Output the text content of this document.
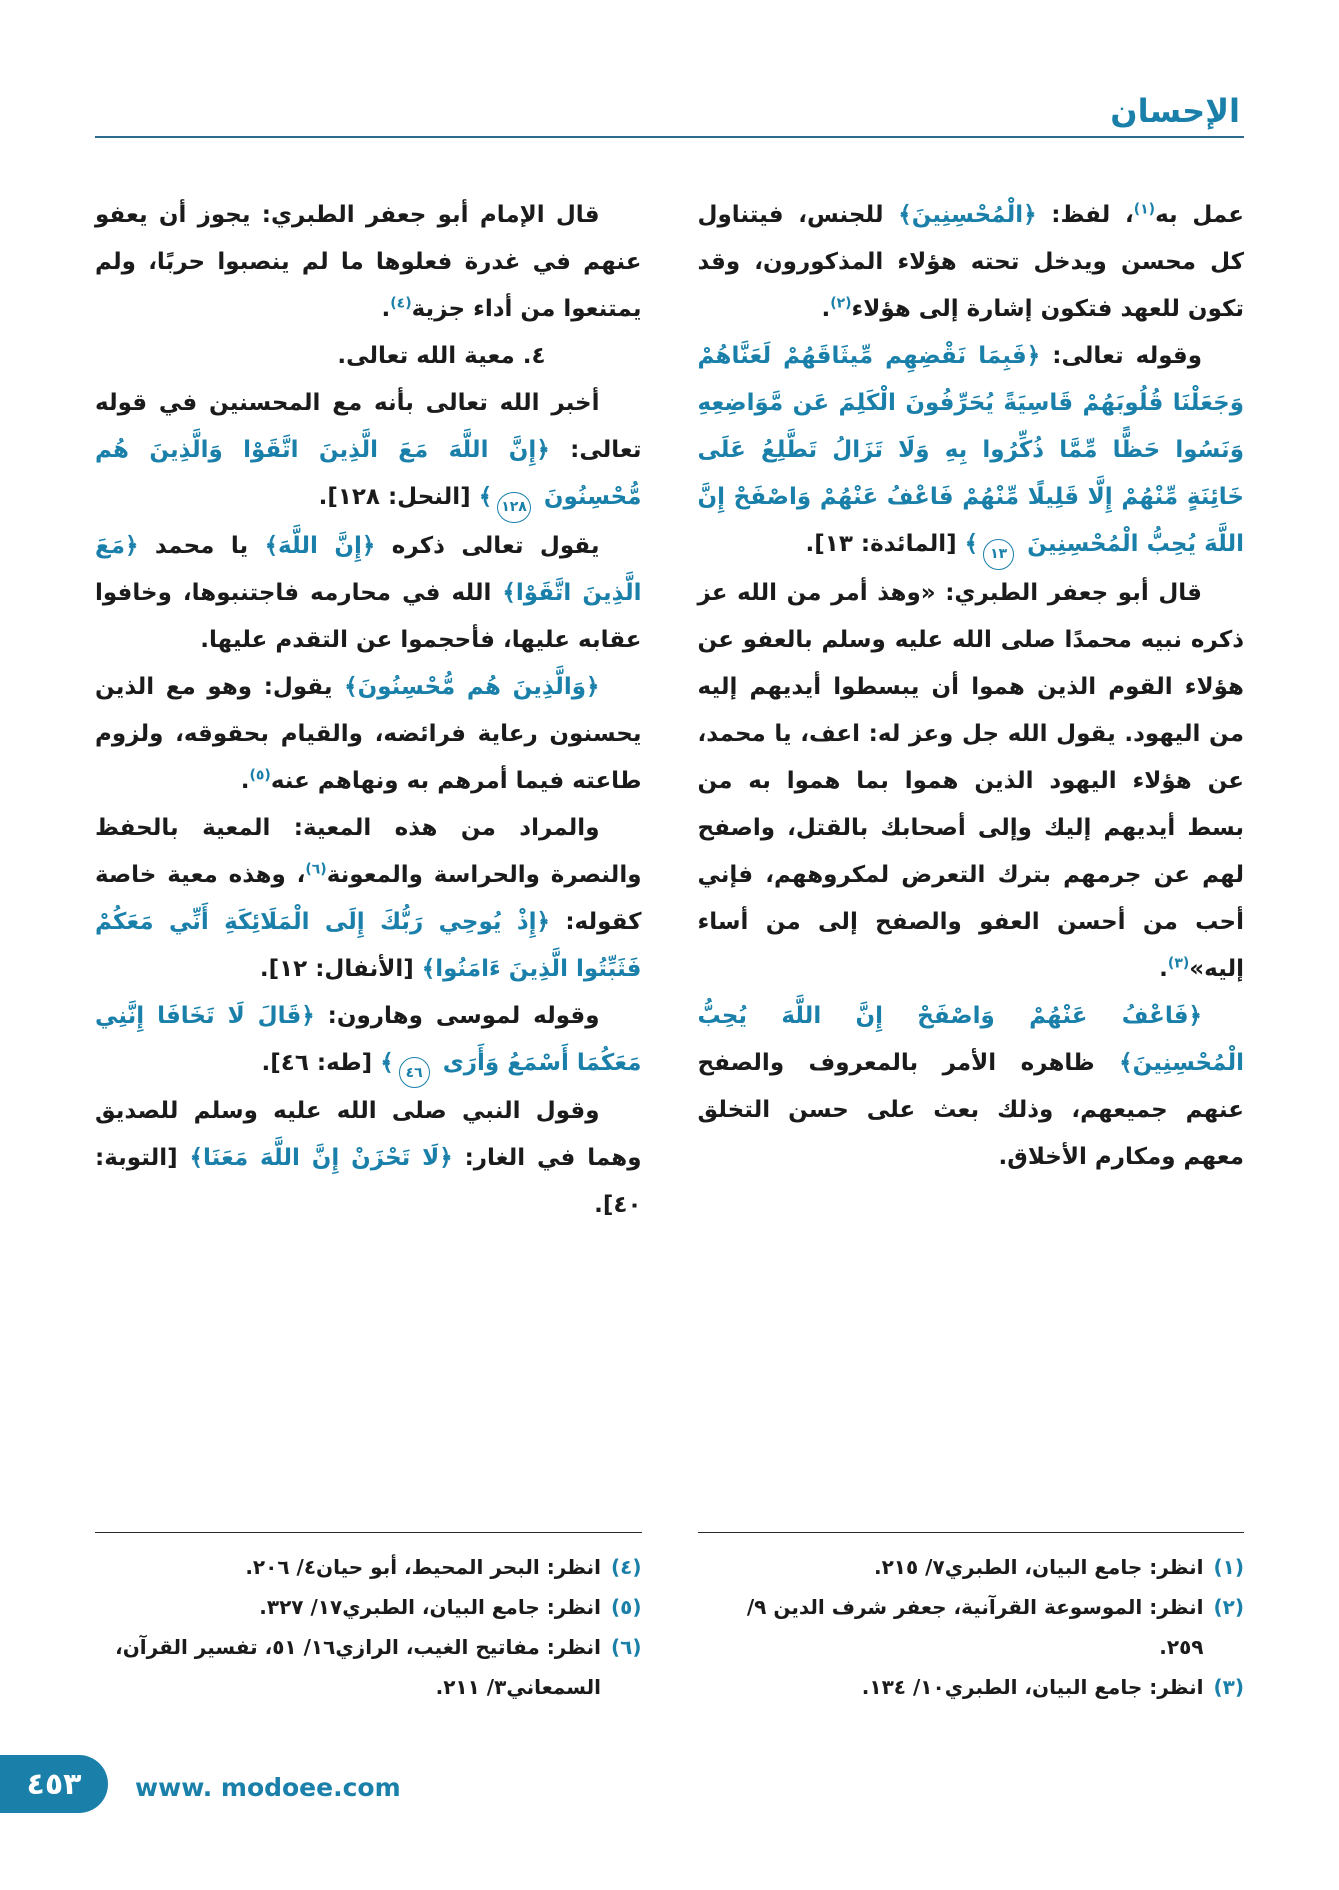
الإحسان

عمل به$^{(١)}$، لفظ: ﴿الْمُحْسِنِينَ﴾ للجنس، فيتناول كل محسن ويدخل تحته هؤلاء المذكورون، وقد تكون للعهد فتكون إشارة إلى هؤلاء$^{(٢)}$.

وقوله تعالى: ﴿فَبِمَا نَقْضِهِم مِّيثَاقَهُمْ لَعَنَّاهُمْ وَجَعَلْنَا قُلُوبَهُمْ قَاسِيَةً يُحَرِّفُونَ الْكَلِمَ عَن مَّوَاضِعِهِ وَنَسُوا حَظًّا مِّمَّا ذُكِّرُوا بِهِ وَلَا تَزَالُ تَطَّلِعُ عَلَى خَائِنَةٍ مِّنْهُمْ إِلَّا قَلِيلًا مِّنْهُمْ فَاعْفُ عَنْهُمْ وَاصْفَحْ إِنَّ اللَّهَ يُحِبُّ الْمُحْسِنِينَ ١٣﴾ [المائدة: ١٣].

قال أبو جعفر الطبري: «وهذ أمر من الله عز ذكره نبيه محمدًا صلى الله عليه وسلم بالعفو عن هؤلاء القوم الذين هموا أن يبسطوا أيديهم إليه من اليهود. يقول الله جل وعز له: اعف، يا محمد، عن هؤلاء اليهود الذين هموا بما هموا به من بسط أيديهم إليك وإلى أصحابك بالقتل، واصفح لهم عن جرمهم بترك التعرض لمكروههم، فإني أحب من أحسن العفو والصفح إلى من أساء إليه»$^{(٣)}$.

﴿فَاعْفُ عَنْهُمْ وَاصْفَحْ إِنَّ اللَّهَ يُحِبُّ الْمُحْسِنِينَ﴾ ظاهره الأمر بالمعروف والصفح عنهم جميعهم، وذلك بعث على حسن التخلق معهم ومكارم الأخلاق.

(١)
انظر: جامع البيان، الطبري٧/ ٢١٥.
(٢)
انظر: الموسوعة القرآنية، جعفر شرف الدين ٩/ ٢٥٩.
(٣)
انظر: جامع البيان، الطبري١٠/ ١٣٤.

قال الإمام أبو جعفر الطبري: يجوز أن يعفو عنهم في غدرة فعلوها ما لم ينصبوا حربًا، ولم يمتنعوا من أداء جزية$^{(٤)}$.

٤. معية الله تعالى.

أخبر الله تعالى بأنه مع المحسنين في قوله تعالى: ﴿إِنَّ اللَّهَ مَعَ الَّذِينَ اتَّقَوْا وَالَّذِينَ هُم مُّحْسِنُونَ ١٢٨﴾ [النحل: ١٢٨].

يقول تعالى ذكره ﴿إِنَّ اللَّهَ﴾ يا محمد ﴿مَعَ الَّذِينَ اتَّقَوْا﴾ الله في محارمه فاجتنبوها، وخافوا عقابه عليها، فأحجموا عن التقدم عليها.

﴿وَالَّذِينَ هُم مُّحْسِنُونَ﴾ يقول: وهو مع الذين يحسنون رعاية فرائضه، والقيام بحقوقه، ولزوم طاعته فيما أمرهم به ونهاهم عنه$^{(٥)}$.

والمراد من هذه المعية: المعية بالحفظ والنصرة والحراسة والمعونة$^{(٦)}$، وهذه معية خاصة كقوله: ﴿إِذْ يُوحِي رَبُّكَ إِلَى الْمَلَائِكَةِ أَنِّي مَعَكُمْ فَثَبِّتُوا الَّذِينَ ءَامَنُوا﴾ [الأنفال: ١٢].

وقوله لموسى وهارون: ﴿قَالَ لَا تَخَافَا إِنَّنِي مَعَكُمَا أَسْمَعُ وَأَرَى ٤٦﴾ [طه: ٤٦].

وقول النبي صلى الله عليه وسلم للصديق وهما في الغار: ﴿لَا تَحْزَنْ إِنَّ اللَّهَ مَعَنَا﴾ [التوبة: ٤٠].

(٤)
انظر: البحر المحيط، أبو حيان٤/ ٢٠٦.
(٥)
انظر: جامع البيان، الطبري١٧/ ٣٢٧.
(٦)
انظر: مفاتيح الغيب، الرازي١٦/ ٥١، تفسير القرآن، السمعاني٣/ ٢١١.
٤٥٣ www. modoee.com
